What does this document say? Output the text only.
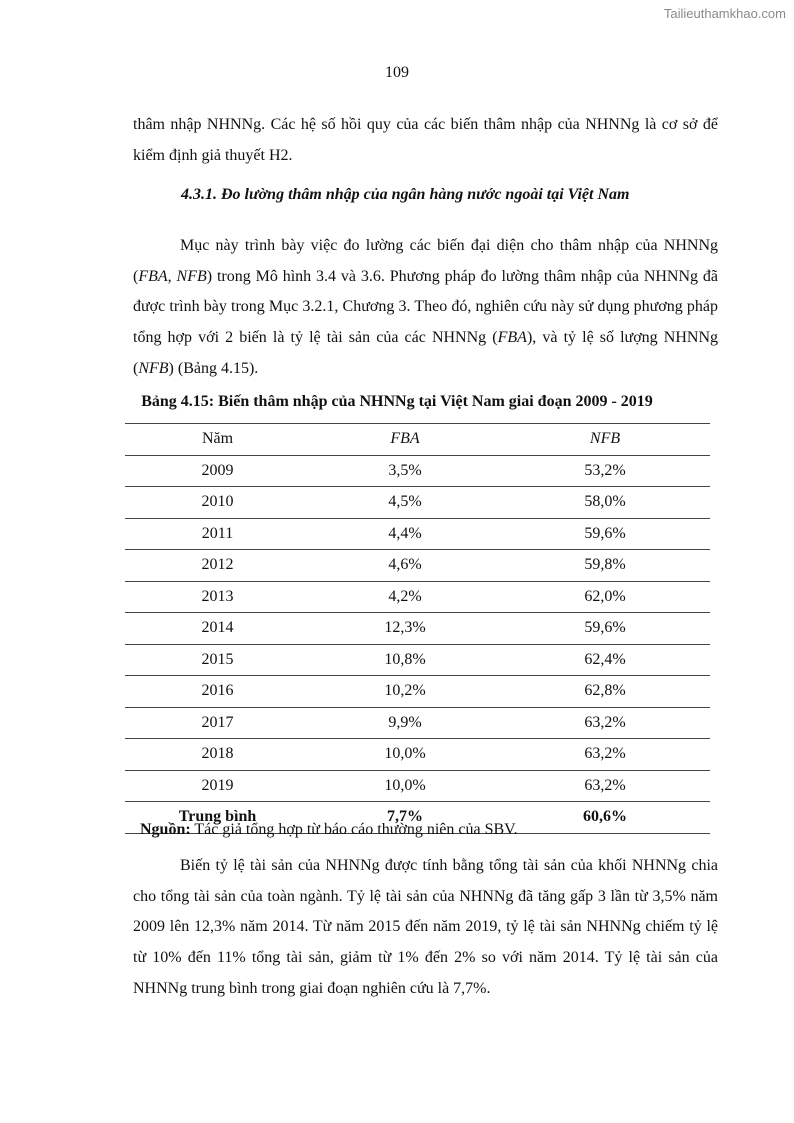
Tailieuthamkhao.com
109

thâm nhập NHNNg. Các hệ số hồi quy của các biến thâm nhập của NHNNg là cơ sở để kiểm định giả thuyết H2.

4.3.1. Đo lường thâm nhập của ngân hàng nước ngoài tại Việt Nam

Mục này trình bày việc đo lường các biến đại diện cho thâm nhập của NHNNg (FBA, NFB) trong Mô hình 3.4 và 3.6. Phương pháp đo lường thâm nhập của NHNNg đã được trình bày trong Mục 3.2.1, Chương 3. Theo đó, nghiên cứu này sử dụng phương pháp tổng hợp với 2 biến là tỷ lệ tài sản của các NHNNg (FBA), và tỷ lệ số lượng NHNNg (NFB) (Bảng 4.15).

Bảng 4.15: Biến thâm nhập của NHNNg tại Việt Nam giai đoạn 2009 - 2019

Năm	FBA	NFB
2009	3,5%	53,2%
2010	4,5%	58,0%
2011	4,4%	59,6%
2012	4,6%	59,8%
2013	4,2%	62,0%
2014	12,3%	59,6%
2015	10,8%	62,4%
2016	10,2%	62,8%
2017	9,9%	63,2%
2018	10,0%	63,2%
2019	10,0%	63,2%
Trung bình	7,7%	60,6%

Nguồn: Tác giả tổng hợp từ báo cáo thường niên của SBV.

Biến tỷ lệ tài sản của NHNNg được tính bằng tổng tài sản của khối NHNNg chia cho tổng tài sản của toàn ngành. Tỷ lệ tài sản của NHNNg đã tăng gấp 3 lần từ 3,5% năm 2009 lên 12,3% năm 2014. Từ năm 2015 đến năm 2019, tỷ lệ tài sản NHNNg chiếm tỷ lệ từ 10% đến 11% tổng tài sản, giảm từ 1% đến 2% so với năm 2014. Tỷ lệ tài sản của NHNNg trung bình trong giai đoạn nghiên cứu là 7,7%.
